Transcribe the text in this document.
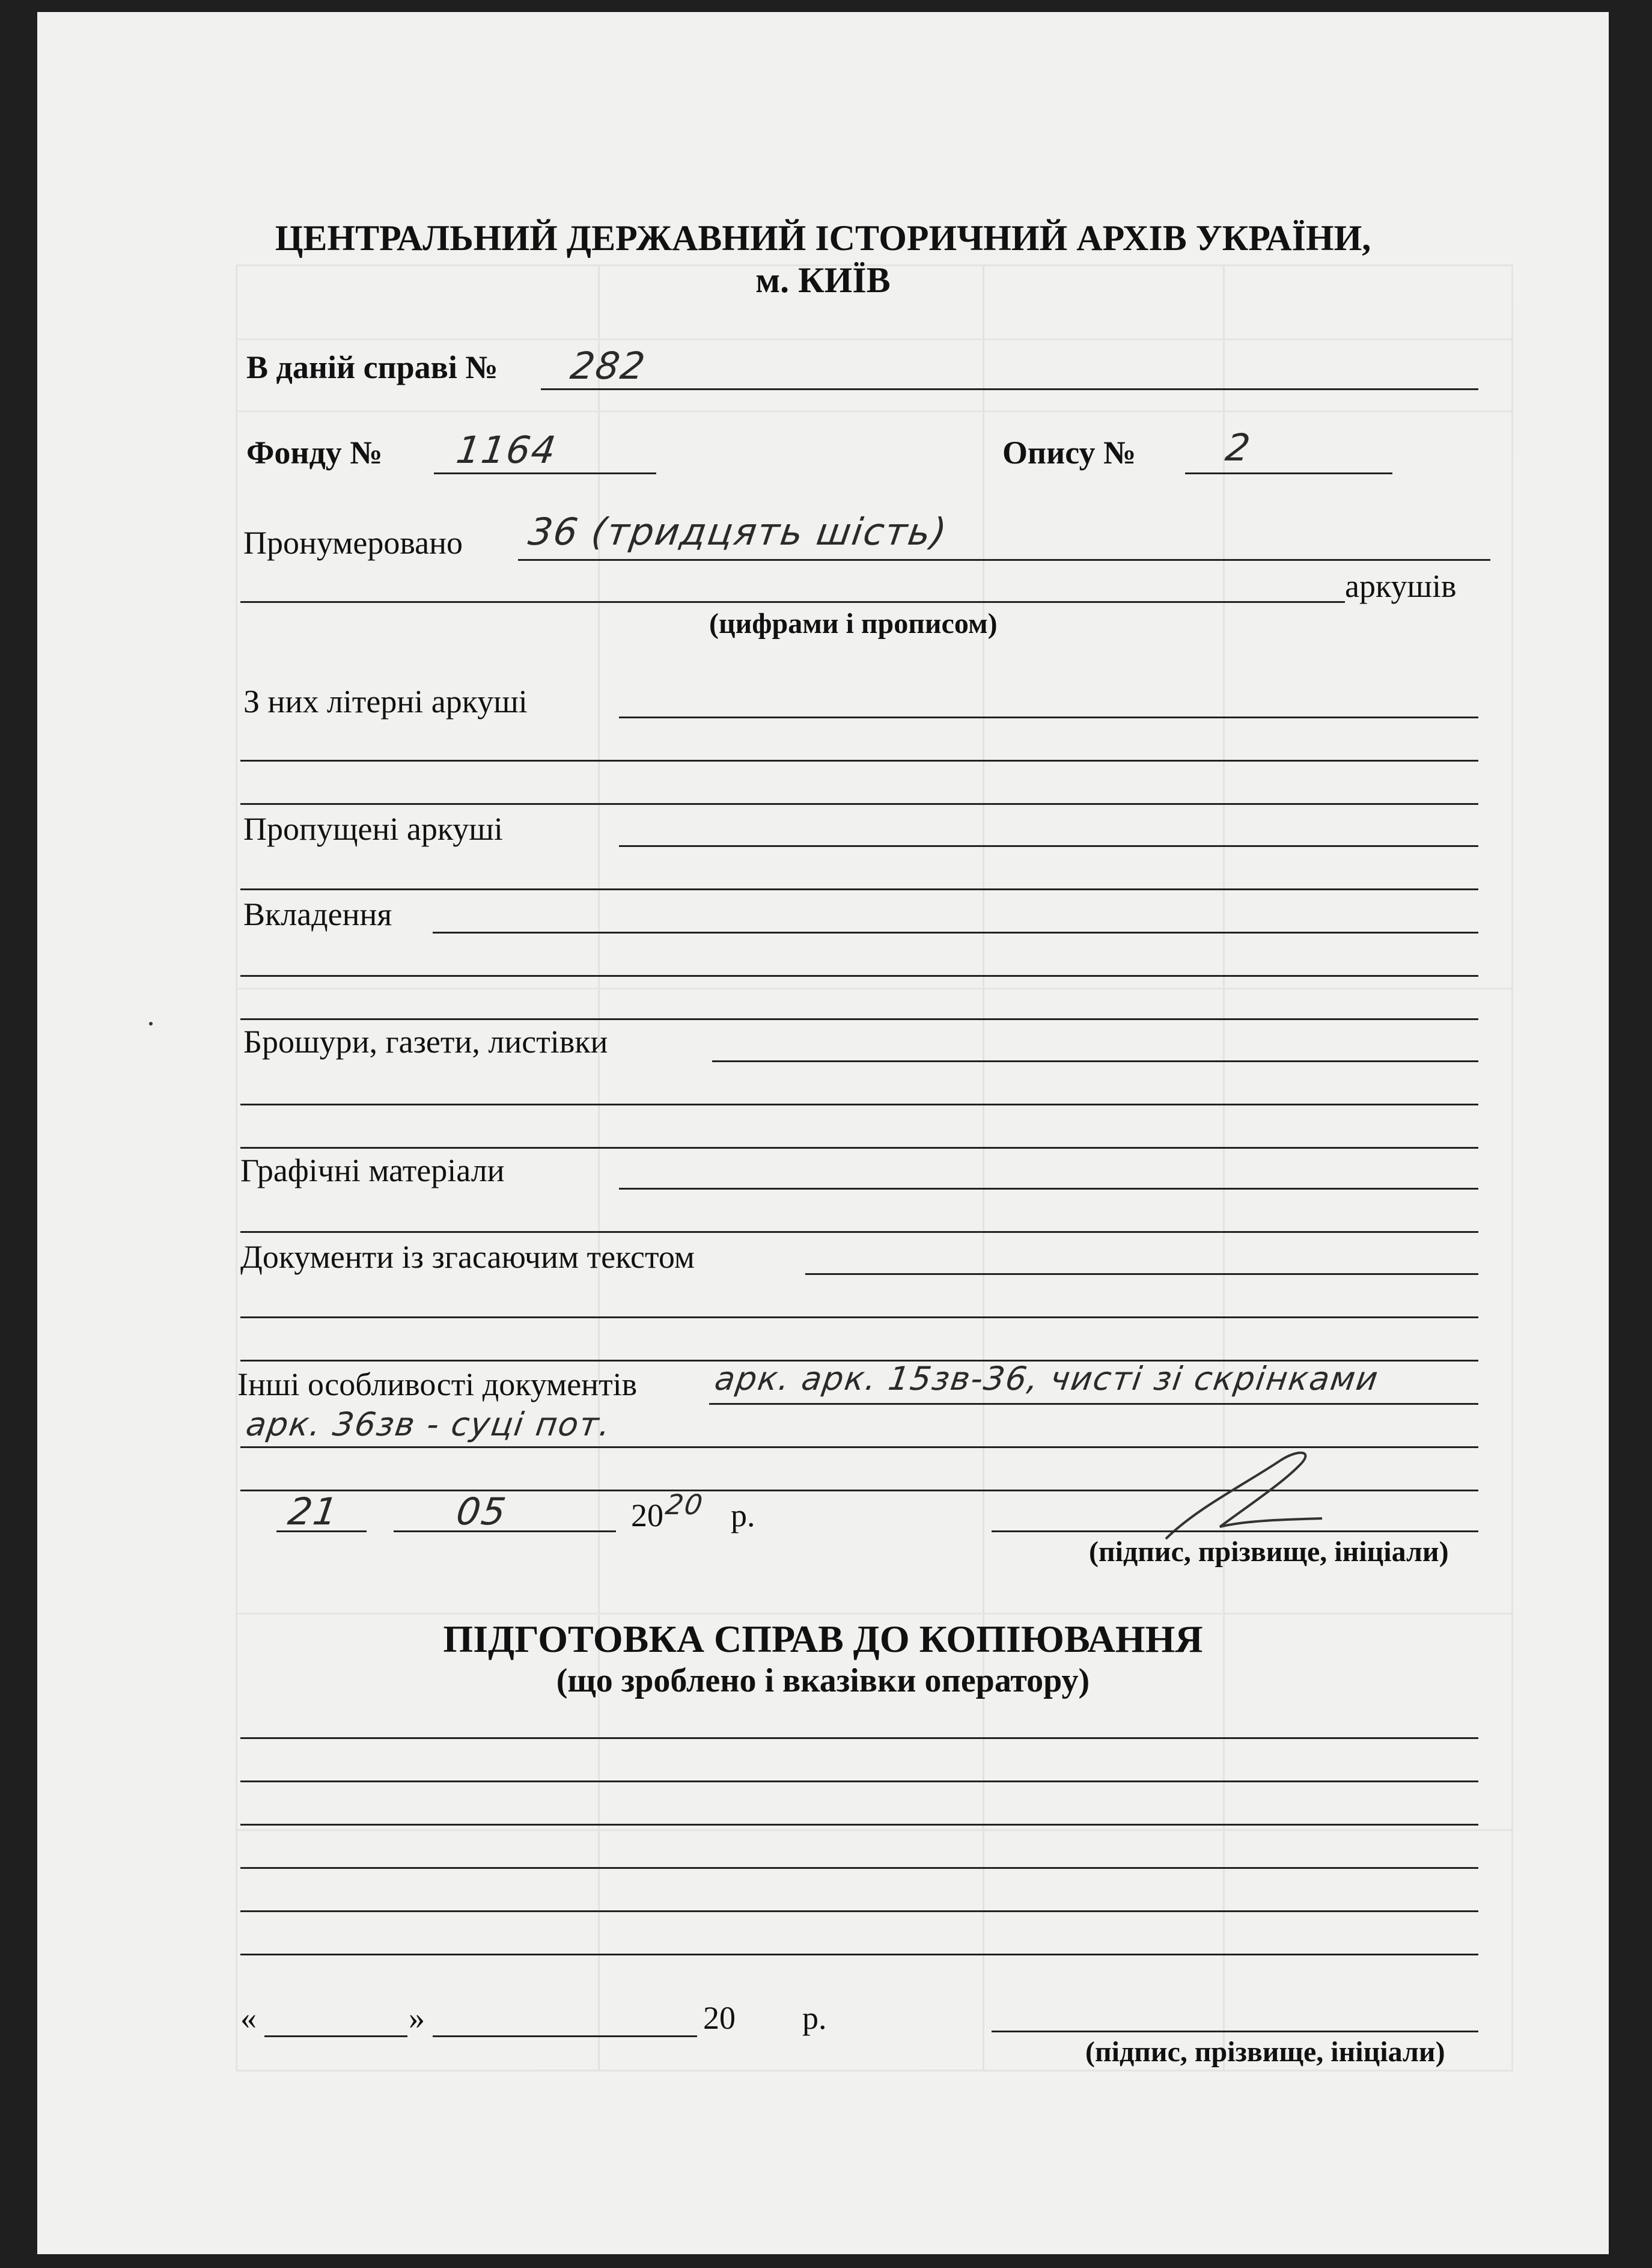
ЦЕНТРАЛЬНИЙ ДЕРЖАВНИЙ ІСТОРИЧНИЙ АРХІВ УКРАЇНИ,
м. КИЇВ
В даній справі № 282
Фонду № 1164	Опису № 2
Пронумеровано 36 (тридцять шість)
аркушів
(цифрами і прописом)
З них літерні аркуші
Пропущені аркуші
Вкладення
Брошури, газети, листівки
Графічні матеріали
Документи із згасаючим текстом
Інші особливості документів арк. арк. 15зв-36, чисті зі скрінками
арк. 36зв - суці пот.
21	05	20 20 р.
(підпис, прізвище, ініціали)
ПІДГОТОВКА СПРАВ ДО КОПІЮВАННЯ
(що зроблено і вказівки оператору)
«	»	20 р.
(підпис, прізвище, ініціали)
